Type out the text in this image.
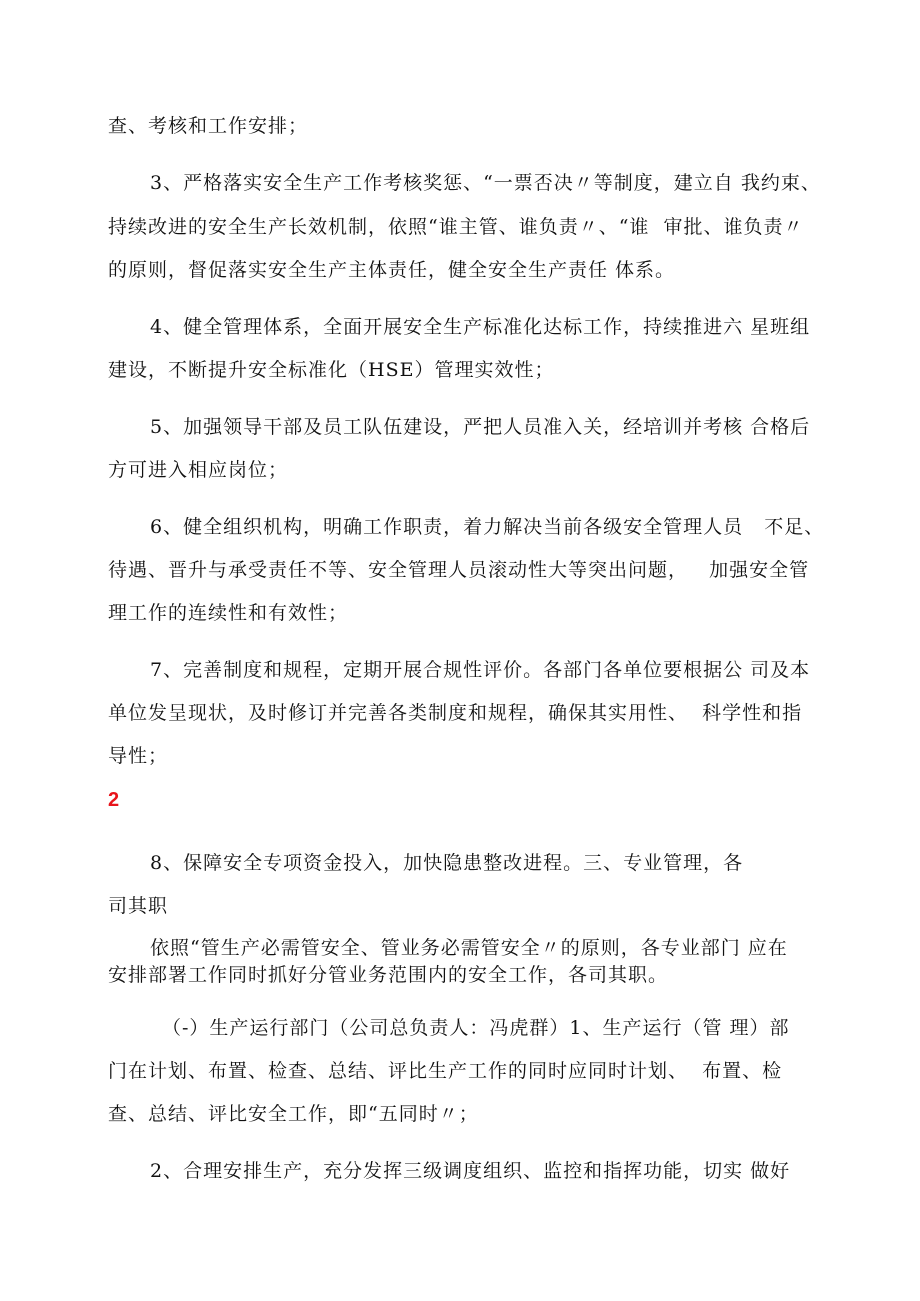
查、考核和工作安排；
3、严格落实安全生产工作考核奖惩、“一票否决〃等制度，建立自 我约束、
持续改进的安全生产长效机制，依照“谁主管、谁负责〃、“谁  审批、谁负责〃
的原则，督促落实安全生产主体责任，健全安全生产责任 体系。
4、健全管理体系，全面开展安全生产标准化达标工作，持续推进六 星班组
建设，不断提升安全标准化（HSE）管理实效性；
5、加强领导干部及员工队伍建设，严把人员准入关，经培训并考核 合格后
方可进入相应岗位；
6、健全组织机构，明确工作职责，着力解决当前各级安全管理人员   不足、
待遇、晋升与承受责任不等、安全管理人员滚动性大等突出问题，   加强安全管
理工作的连续性和有效性；
7、完善制度和规程，定期开展合规性评价。各部门各单位要根据公 司及本
单位发呈现状，及时修订并完善各类制度和规程，确保其实用性、  科学性和指
导性；
2
8、保障安全专项资金投入，加快隐患整改进程。三、专业管理，各
司其职
依照“管生产必需管安全、管业务必需管安全〃的原则，各专业部门 应在
安排部署工作同时抓好分管业务范围内的安全工作，各司其职。
（-）生产运行部门（公司总负责人：冯虎群）1、生产运行（管 理）部
门在计划、布置、检查、总结、评比生产工作的同时应同时计划、  布置、检
查、总结、评比安全工作，即“五同时〃；
2、合理安排生产，充分发挥三级调度组织、监控和指挥功能，切实 做好
